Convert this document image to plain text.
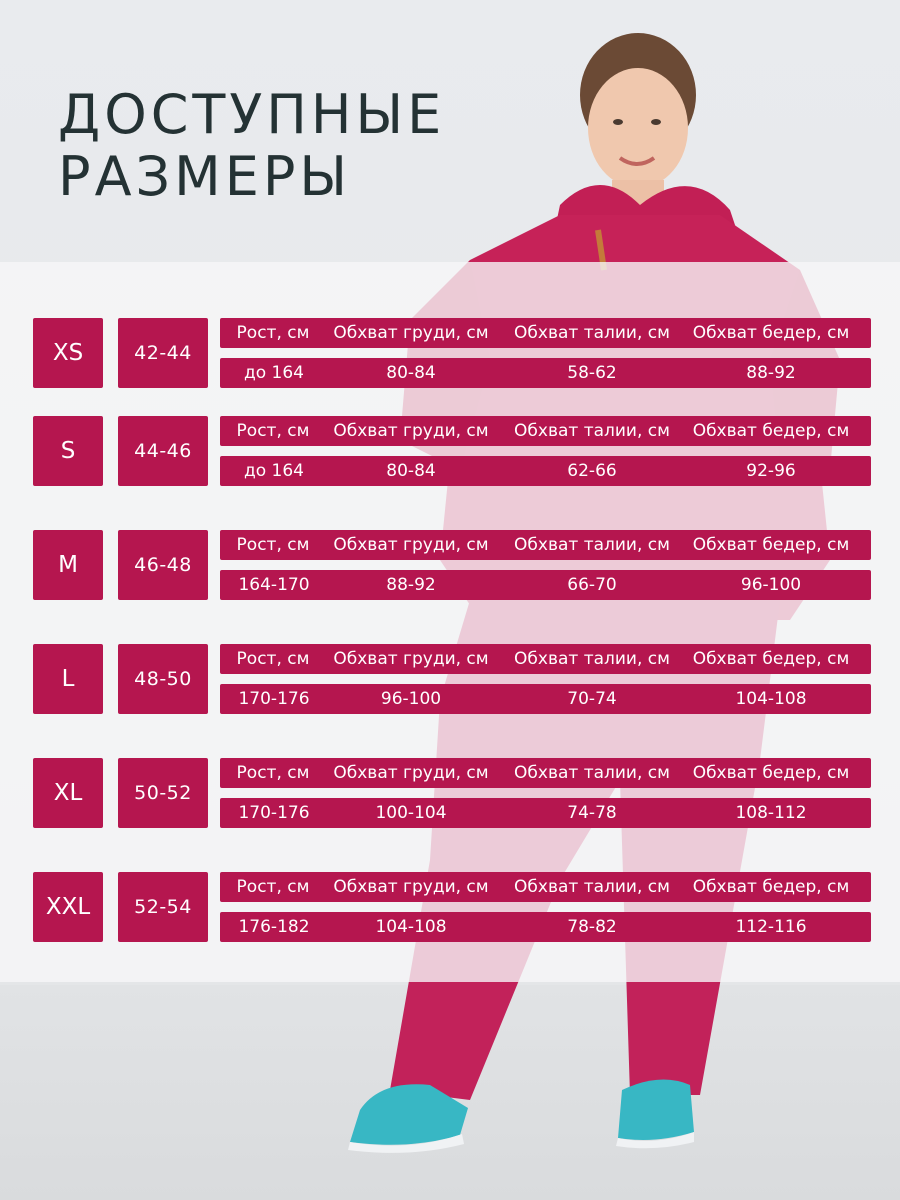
ДОСТУПНЫЕ
РАЗМЕРЫ
XS	42-44
Рост, см	Обхват груди, см	Обхват талии, см	Обхват бедер, см
до 164	80-84	58-62	88-92
S	44-46
Рост, см	Обхват груди, см	Обхват талии, см	Обхват бедер, см
до 164	80-84	62-66	92-96
M	46-48
Рост, см	Обхват груди, см	Обхват талии, см	Обхват бедер, см
164-170	88-92	66-70	96-100
L	48-50
Рост, см	Обхват груди, см	Обхват талии, см	Обхват бедер, см
170-176	96-100	70-74	104-108
XL	50-52
Рост, см	Обхват груди, см	Обхват талии, см	Обхват бедер, см
170-176	100-104	74-78	108-112
XXL	52-54
Рост, см	Обхват груди, см	Обхват талии, см	Обхват бедер, см
176-182	104-108	78-82	112-116
